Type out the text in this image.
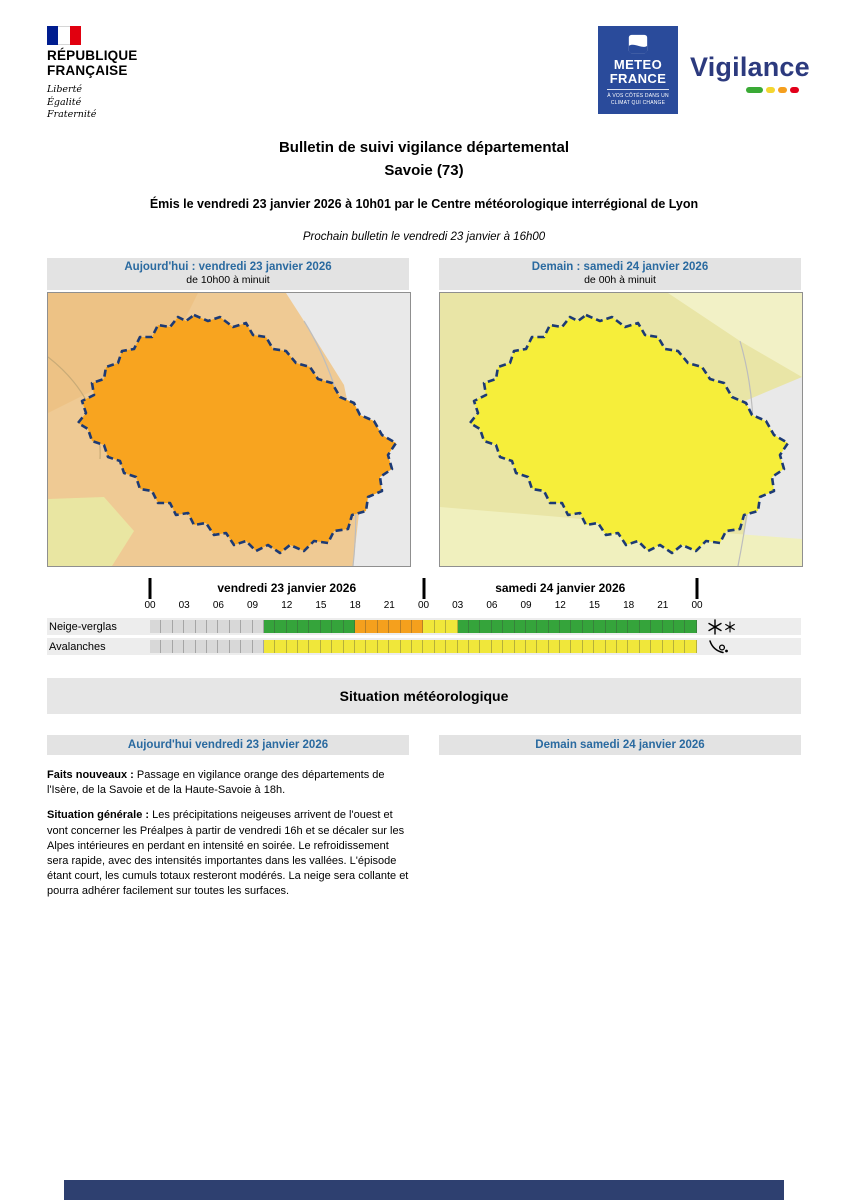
RÉPUBLIQUE
FRANÇAISE
Liberté
Égalité
Fraternité
METEO
FRANCE
À VOS CÔTÉS DANS UN CLIMAT QUI CHANGE
Vigilance
Bulletin de suivi vigilance départemental
Savoie (73)
Émis le vendredi 23 janvier 2026 à 10h01 par le Centre météorologique interrégional de Lyon
Prochain bulletin le vendredi 23 janvier à 16h00
Aujourd'hui : vendredi 23 janvier 2026
de 10h00 à minuit
Demain : samedi 24 janvier 2026
de 00h à minuit
vendredi 23 janvier 2026	samedi 24 janvier 2026
00 03 06 09 12 15 18 21 00 03 06 09 12 15 18 21 00
Neige-verglas
Avalanches
Situation météorologique
Aujourd'hui vendredi 23 janvier 2026	Demain samedi 24 janvier 2026

Faits nouveaux : Passage en vigilance orange des départements de l'Isère, de la Savoie et de la Haute-Savoie à 18h.

Situation générale : Les précipitations neigeuses arrivent de l'ouest et vont concerner les Préalpes à partir de vendredi 16h et se décaler sur les Alpes intérieures en perdant en intensité en soirée. Le refroidissement sera rapide, avec des intensités importantes dans les vallées. L'épisode étant court, les cumuls totaux resteront modérés. La neige sera collante et pourra adhérer facilement sur toutes les surfaces.
